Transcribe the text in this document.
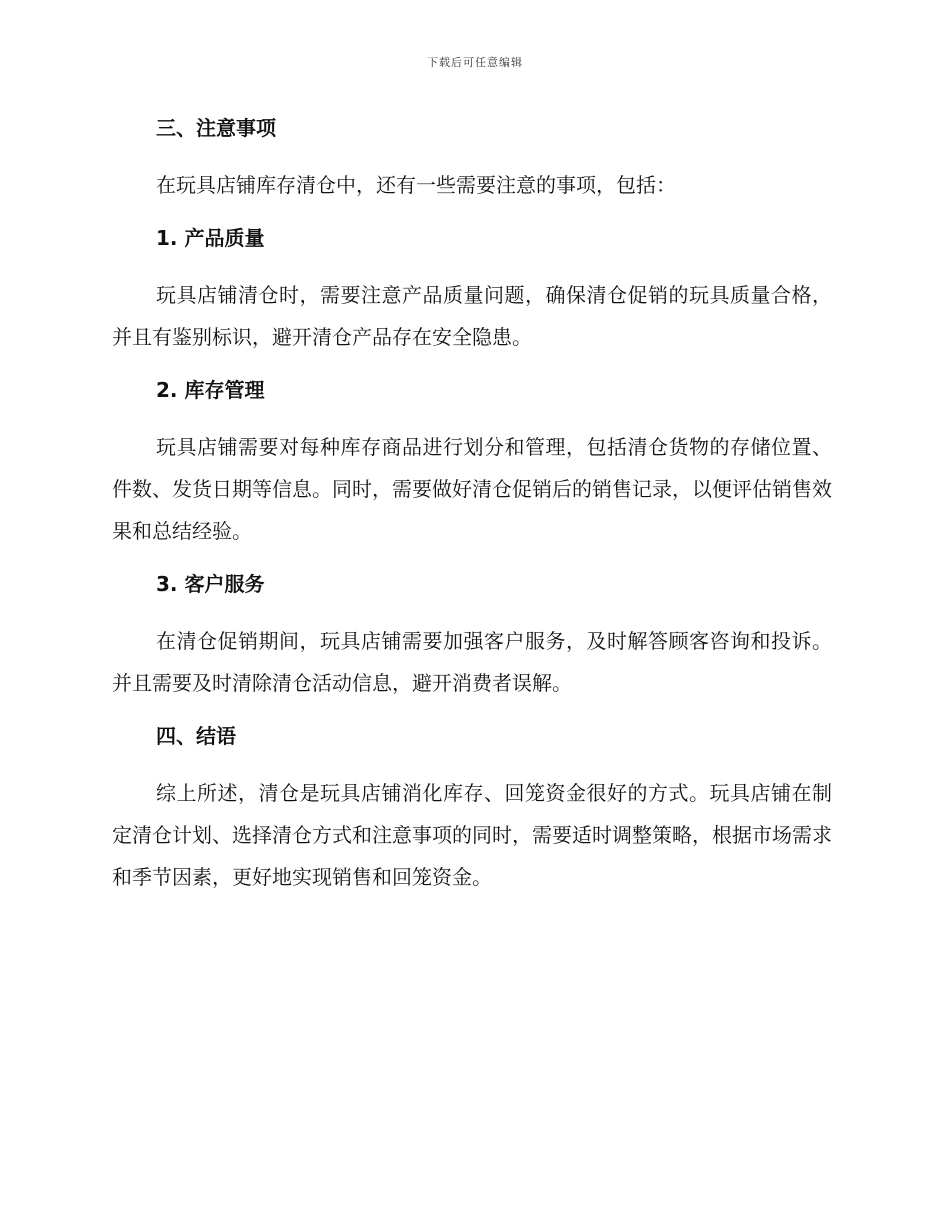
下载后可任意编辑

三、注意事项

在玩具店铺库存清仓中，还有一些需要注意的事项，包括：

1. 产品质量

玩具店铺清仓时，需要注意产品质量问题，确保清仓促销的玩具质量合格，并且有鉴别标识，避开清仓产品存在安全隐患。

2. 库存管理

玩具店铺需要对每种库存商品进行划分和管理，包括清仓货物的存储位置、件数、发货日期等信息。同时，需要做好清仓促销后的销售记录，以便评估销售效果和总结经验。

3. 客户服务

在清仓促销期间，玩具店铺需要加强客户服务，及时解答顾客咨询和投诉。并且需要及时清除清仓活动信息，避开消费者误解。

四、结语

综上所述，清仓是玩具店铺消化库存、回笼资金很好的方式。玩具店铺在制定清仓计划、选择清仓方式和注意事项的同时，需要适时调整策略，根据市场需求和季节因素，更好地实现销售和回笼资金。
